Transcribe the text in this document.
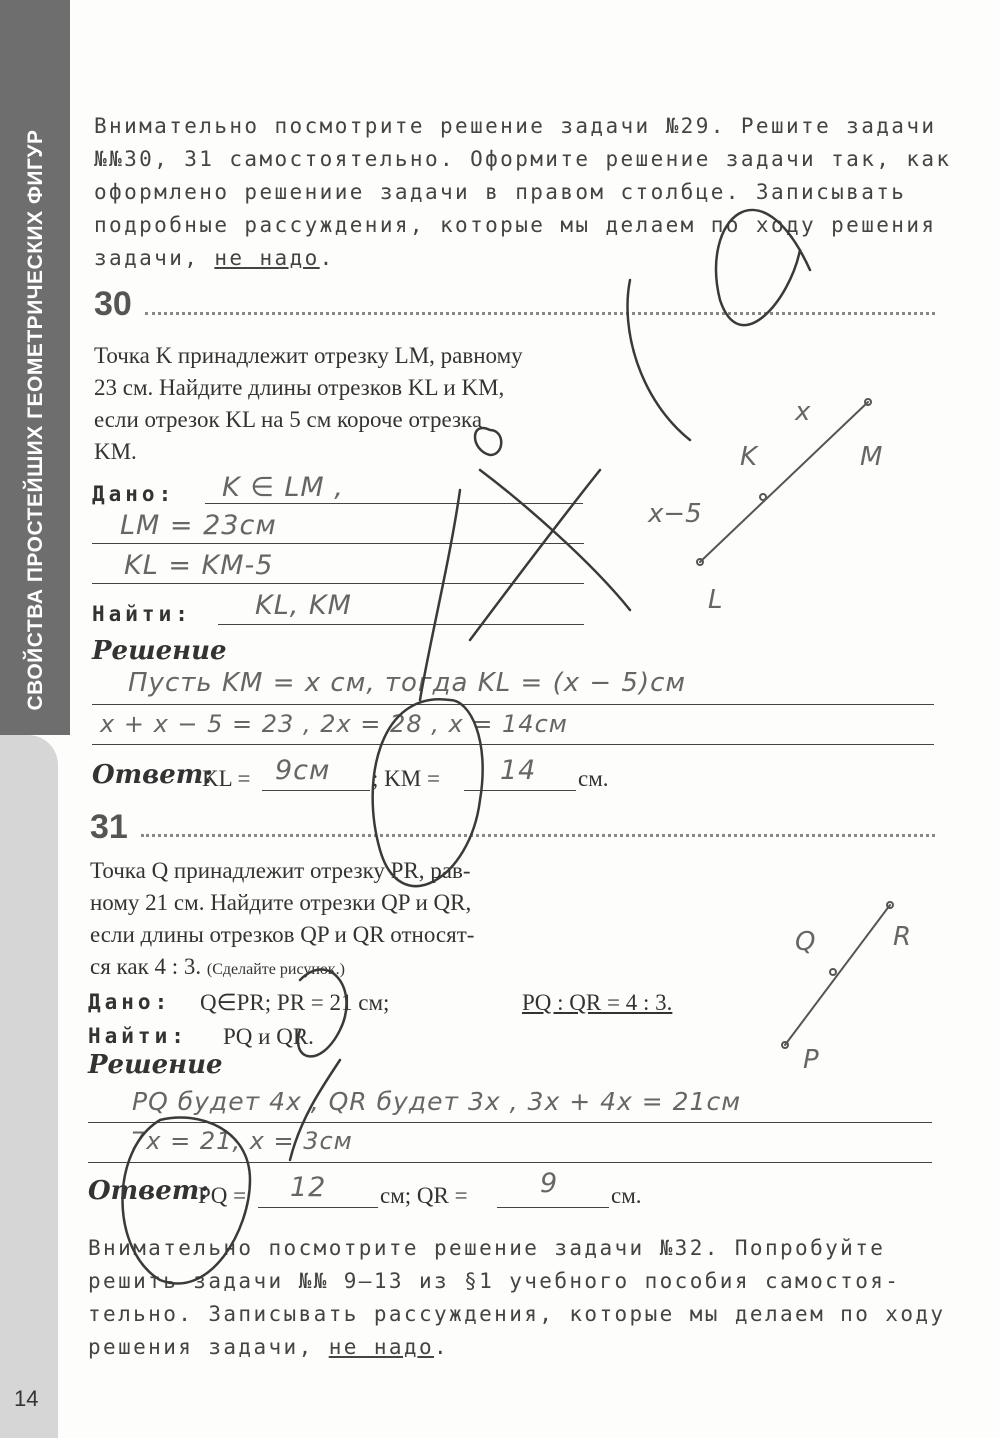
СВОЙСТВА ПРОСТЕЙШИХ ГЕОМЕТРИЧЕСКИХ ФИГУР
14
Внимательно посмотрите решение задачи №29. Решите задачи
№№30, 31 самостоятельно. Оформите решение задачи так, как
оформлено решениие задачи в правом столбце. Записывать
подробные рассуждения, которые мы делаем по ходу решения
задачи, не надо.
30
Точка K принадлежит отрезку LM, равному
23 см. Найдите длины отрезков KL и KM,
если отрезок KL на 5 см короче отрезка
KM.
Дано: K ∈ LM ,
LM = 23см
KL = KM-5
Найти: KL, KM
Решение
Пусть KM = x см, тогда KL = (x − 5)см
x + x − 5 = 23 , 2x = 28 , x = 14см
Ответ:
KL = 9см ; KM = 14 см.
31
Точка Q принадлежит отрезку PR, рав-
ному 21 см. Найдите отрезки QP и QR,
если длины отрезков QP и QR относят-
ся как 4 : 3. (Сделайте рисунок.)
Дано: Q∈PR; PR = 21 см;	PQ : QR = 4 : 3.
Найти: PQ и QR.
Решение
PQ будет 4x , QR будет 3x , 3x + 4x = 21см
7x = 21, x = 3см
Ответ:
PQ = 12 см; QR =	9 см.
Внимательно посмотрите решение задачи №32. Попробуйте
решить задачи №№ 9–13 из §1 учебного пособия самостоя-
тельно. Записывать рассуждения, которые мы делаем по ходу
решения задачи, не надо.
x−5
K
x
M
L
Q	R
P
